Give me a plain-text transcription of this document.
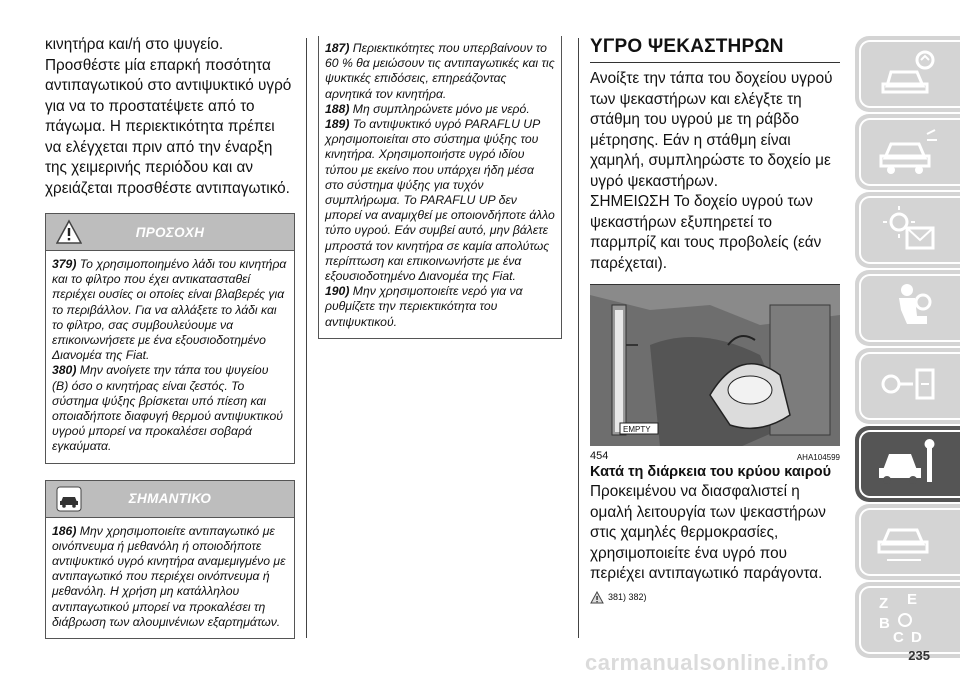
κινητήρα και/ή στο ψυγείο. Προσθέστε μία επαρκή ποσότητα αντιπαγωτικού στο αντιψυκτικό υγρό για να το προστατέψετε από το πάγωμα. Η περιεκτικότητα πρέπει να ελέγχεται πριν από την έναρξη της χειμερινής περιόδου και αν χρειάζεται προσθέστε αντιπαγωτικό.

ΠΡΟΣΟΧΗ
379) Το χρησιμοποιημένο λάδι του κινητήρα και το φίλτρο που έχει αντικατασταθεί περιέχει ουσίες οι οποίες είναι βλαβερές για το περιβάλλον. Για να αλλάξετε το λάδι και το φίλτρο, σας συμβουλεύουμε να επικοινωνήσετε με ένα εξουσιοδοτημένο Διανομέα της Fiat.
380) Μην ανοίγετε την τάπα του ψυγείου (B) όσο ο κινητήρας είναι ζεστός. Το σύστημα ψύξης βρίσκεται υπό πίεση και οποιαδήποτε διαφυγή θερμού αντιψυκτικού υγρού μπορεί να προκαλέσει σοβαρά εγκαύματα.
ΣΗΜΑΝΤΙΚΟ
186) Μην χρησιμοποιείτε αντιπαγωτικό με οινόπνευμα ή μεθανόλη ή οποιοδήποτε αντιψυκτικό υγρό κινητήρα αναμεμιγμένο με αντιπαγωτικό που περιέχει οινόπνευμα ή μεθανόλη. Η χρήση μη κατάλληλου αντιπαγωτικού μπορεί να προκαλέσει τη διάβρωση των αλουμινένιων εξαρτημάτων.
187) Περιεκτικότητες που υπερβαίνουν το 60 % θα μειώσουν τις αντιπαγωτικές και τις ψυκτικές επιδόσεις, επηρεάζοντας αρνητικά τον κινητήρα.
188) Μη συμπληρώνετε μόνο με νερό.
189) Το αντιψυκτικό υγρό PARAFLU UP χρησιμοποιείται στο σύστημα ψύξης του κινητήρα. Χρησιμοποιήστε υγρό ιδίου τύπου με εκείνο που υπάρχει ήδη μέσα στο σύστημα ψύξης για τυχόν συμπλήρωμα. Το PARAFLU UP δεν μπορεί να αναμιχθεί με οποιονδήποτε άλλο τύπο υγρού. Εάν συμβεί αυτό, μην βάλετε μπροστά τον κινητήρα σε καμία απολύτως περίπτωση και επικοινωνήστε με ένα εξουσιοδοτημένο Διανομέα της Fiat.
190) Μην χρησιμοποιείτε νερό για να ρυθμίζετε την περιεκτικότητα του αντιψυκτικού.
ΥΓΡΟ ΨΕΚΑΣΤΗΡΩΝ

Ανοίξτε την τάπα του δοχείου υγρού των ψεκαστήρων και ελέγξτε τη στάθμη του υγρού με τη ράβδο μέτρησης. Εάν η στάθμη είναι χαμηλή, συμπληρώστε το δοχείο με υγρό ψεκαστήρων.

ΣΗΜΕΙΩΣΗ Το δοχείο υγρού των ψεκαστήρων εξυπηρετεί το παρμπρίζ και τους προβολείς (εάν παρέχεται).

EMPTY
454	AHA104599
Κατά τη διάρκεια του κρύου καιρού

Προκειμένου να διασφαλιστεί η ομαλή λειτουργία των ψεκαστήρων στις χαμηλές θερμοκρασίες, χρησιμοποιείτε ένα υγρό που περιέχει αντιπαγωτικό παράγοντα.

381) 382)	Z E
B
C D
235
carmanualsonline.info
